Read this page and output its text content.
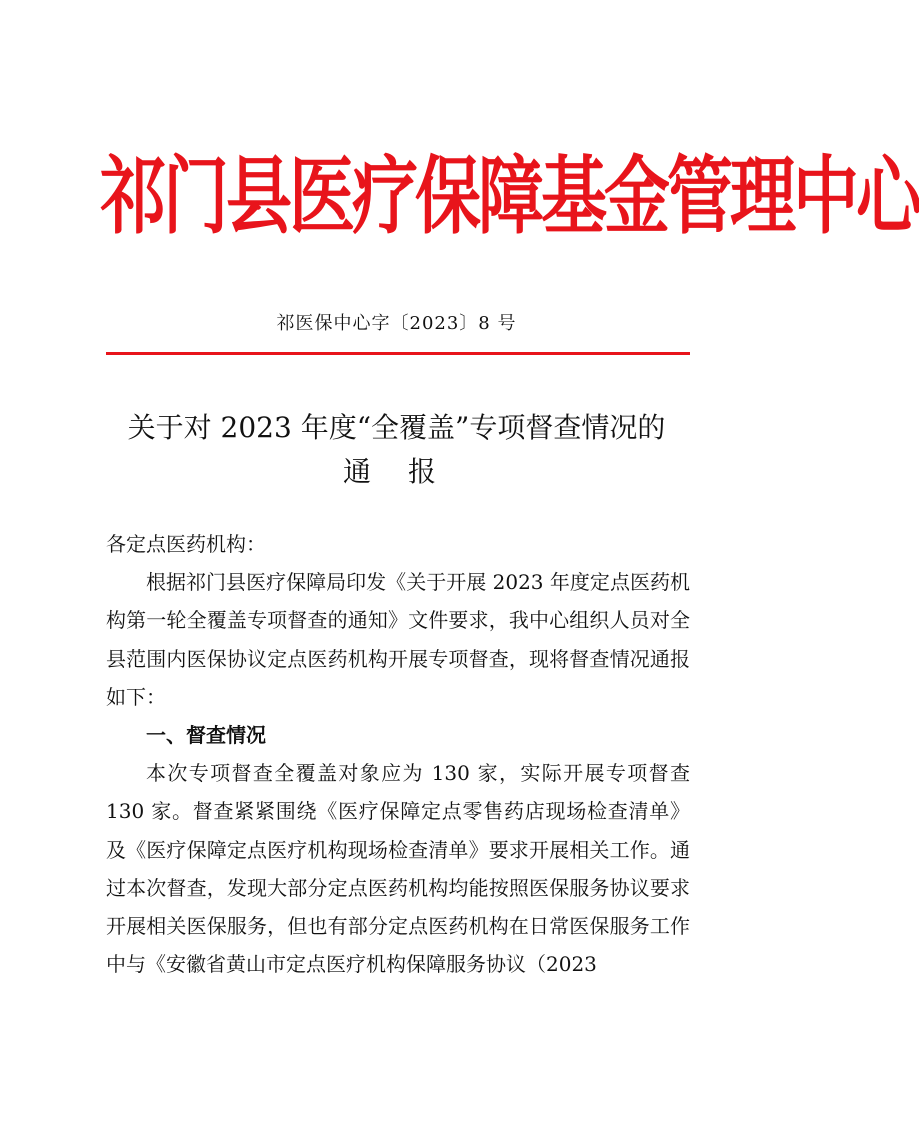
祁 门 县 医 疗 保 障 基 金 管 理 中 心
祁医保中心字〔2023〕8 号
关于对 2023 年度“全覆盖”专项督查情况的
通 报

各定点医药机构：

根据祁门县医疗保障局印发《关于开展 2023 年度定点医药机构第一轮全覆盖专项督查的通知》文件要求，我中心组织人员对全县范围内医保协议定点医药机构开展专项督查，现将督查情况通报如下：

一、督查情况

本次专项督查全覆盖对象应为 130 家，实际开展专项督查 130 家。督查紧紧围绕《医疗保障定点零售药店现场检查清单》及《医疗保障定点医疗机构现场检查清单》要求开展相关工作。通过本次督查，发现大部分定点医药机构均能按照医保服务协议要求开展相关医保服务，但也有部分定点医药机构在日常医保服务工作中与《安徽省黄山市定点医疗机构保障服务协议（2023
